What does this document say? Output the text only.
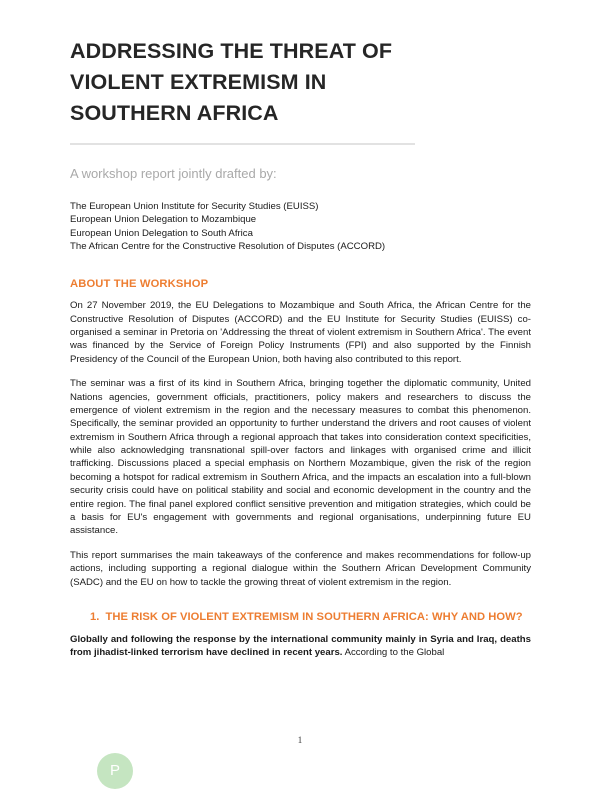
ADDRESSING THE THREAT OF
VIOLENT EXTREMISM IN
SOUTHERN AFRICA
A workshop report jointly drafted by:
The European Union Institute for Security Studies (EUISS)
European Union Delegation to Mozambique
European Union Delegation to South Africa
The African Centre for the Constructive Resolution of Disputes (ACCORD)
ABOUT THE WORKSHOP

On 27 November 2019, the EU Delegations to Mozambique and South Africa, the African Centre for the Constructive Resolution of Disputes (ACCORD) and the EU Institute for Security Studies (EUISS) co-organised a seminar in Pretoria on 'Addressing the threat of violent extremism in Southern Africa'. The event was financed by the Service of Foreign Policy Instruments (FPI) and also supported by the Finnish Presidency of the Council of the European Union, both having also contributed to this report.

The seminar was a first of its kind in Southern Africa, bringing together the diplomatic community, United Nations agencies, government officials, practitioners, policy makers and researchers to discuss the emergence of violent extremism in the region and the necessary measures to combat this phenomenon. Specifically, the seminar provided an opportunity to further understand the drivers and root causes of violent extremism in Southern Africa through a regional approach that takes into consideration context specificities, while also acknowledging transnational spill-over factors and linkages with organised crime and illicit trafficking. Discussions placed a special emphasis on Northern Mozambique, given the risk of the region becoming a hotspot for radical extremism in Southern Africa, and the impacts an escalation into a full-blown security crisis could have on political stability and social and economic development in the country and the entire region. The final panel explored conflict sensitive prevention and mitigation strategies, which could be a basis for EU's engagement with governments and regional organisations, underpinning future EU assistance.

This report summarises the main takeaways of the conference and makes recommendations for follow-up actions, including supporting a regional dialogue within the Southern African Development Community (SADC) and the EU on how to tackle the growing threat of violent extremism in the region.

1. THE RISK OF VIOLENT EXTREMISM IN SOUTHERN AFRICA: WHY AND HOW?

Globally and following the response by the international community mainly in Syria and Iraq, deaths from jihadist-linked terrorism have declined in recent years. According to the Global

1
P
